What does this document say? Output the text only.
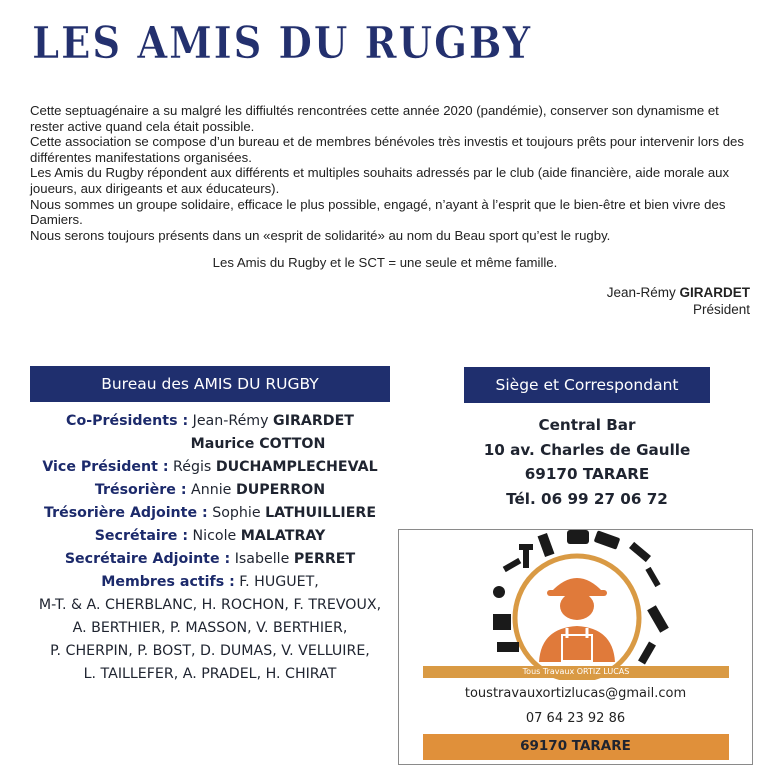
LES AMIS DU RUGBY

Cette septuagénaire a su malgré les diffiultés rencontrées cette année 2020 (pandémie), conserver son dynamisme et rester active quand cela était possible.

Cette association se compose d’un bureau et de membres bénévoles très investis et toujours prêts pour intervenir lors des différentes manifestations organisées.

Les Amis du Rugby répondent aux différents et multiples souhaits adressés par le club (aide financière, aide morale aux joueurs, aux dirigeants et aux éducateurs).

Nous sommes un groupe solidaire, efficace le plus possible, engagé, n’ayant à l’esprit que le bien-être et bien vivre des Damiers.

Nous serons toujours présents dans un «esprit de solidarité» au nom du Beau sport qu’est le rugby.

Les Amis du Rugby et le SCT = une seule et même famille.
Jean-Rémy GIRARDET
Président
Bureau des AMIS DU RUGBY
Co-Présidents : Jean-Rémy GIRARDET
Maurice COTTON
Vice Président : Régis DUCHAMPLECHEVAL
Trésorière : Annie DUPERRON
Trésorière Adjointe : Sophie LATHUILLIERE
Secrétaire : Nicole MALATRAY
Secrétaire Adjointe : Isabelle PERRET
Membres actifs : F. HUGUET,
M-T. & A. CHERBLANC, H. ROCHON, F. TREVOUX,
A. BERTHIER, P. MASSON, V. BERTHIER,
P. CHERPIN, P. BOST, D. DUMAS, V. VELLUIRE,
L. TAILLEFER, A. PRADEL, H. CHIRAT
Siège et Correspondant
Central Bar
10 av. Charles de Gaulle
69170 TARARE
Tél. 06 99 27 06 72
Tous Travaux ORTIZ LUCAS
toustravauxortizlucas@gmail.com
07 64 23 92 86
69170 TARARE
